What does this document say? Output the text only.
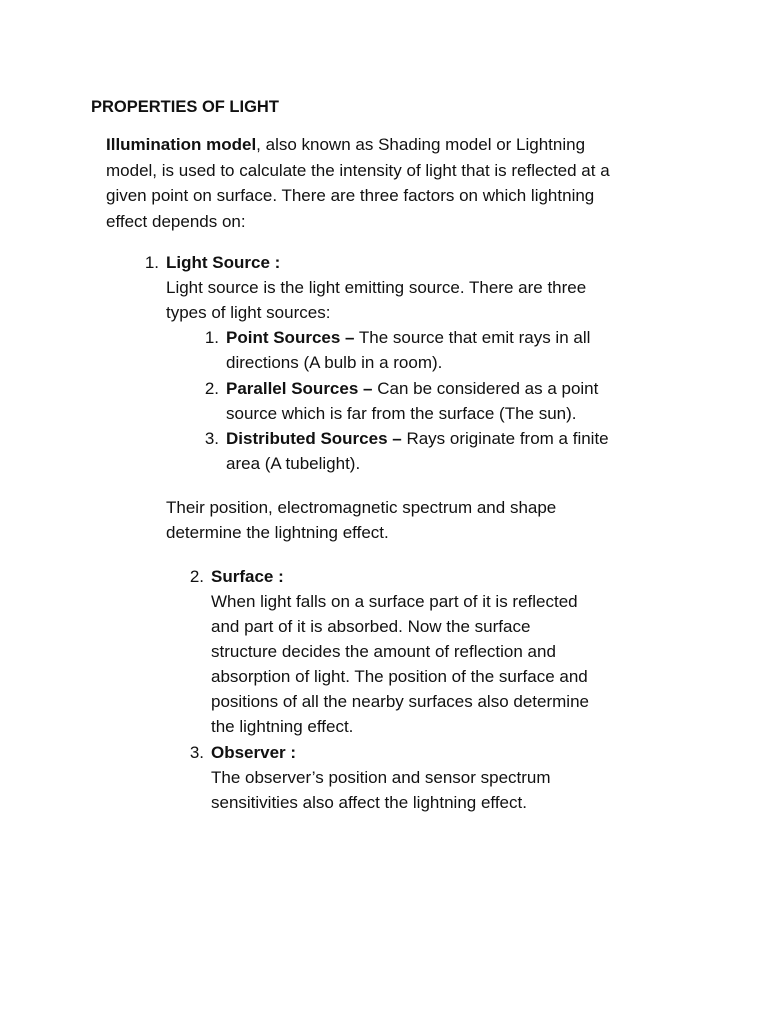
PROPERTIES OF LIGHT
Illumination model, also known as Shading model or Lightning
model, is used to calculate the intensity of light that is reflected at a
given point on surface. There are three factors on which lightning
effect depends on:
1. Light Source :
Light source is the light emitting source. There are three
types of light sources:
1. Point Sources – The source that emit rays in all
directions (A bulb in a room).
2. Parallel Sources – Can be considered as a point
source which is far from the surface (The sun).
3. Distributed Sources – Rays originate from a finite
area (A tubelight).
Their position, electromagnetic spectrum and shape
determine the lightning effect.
2. Surface :
When light falls on a surface part of it is reflected
and part of it is absorbed. Now the surface
structure decides the amount of reflection and
absorption of light. The position of the surface and
positions of all the nearby surfaces also determine
the lightning effect.
3. Observer :
The observer’s position and sensor spectrum
sensitivities also affect the lightning effect.
